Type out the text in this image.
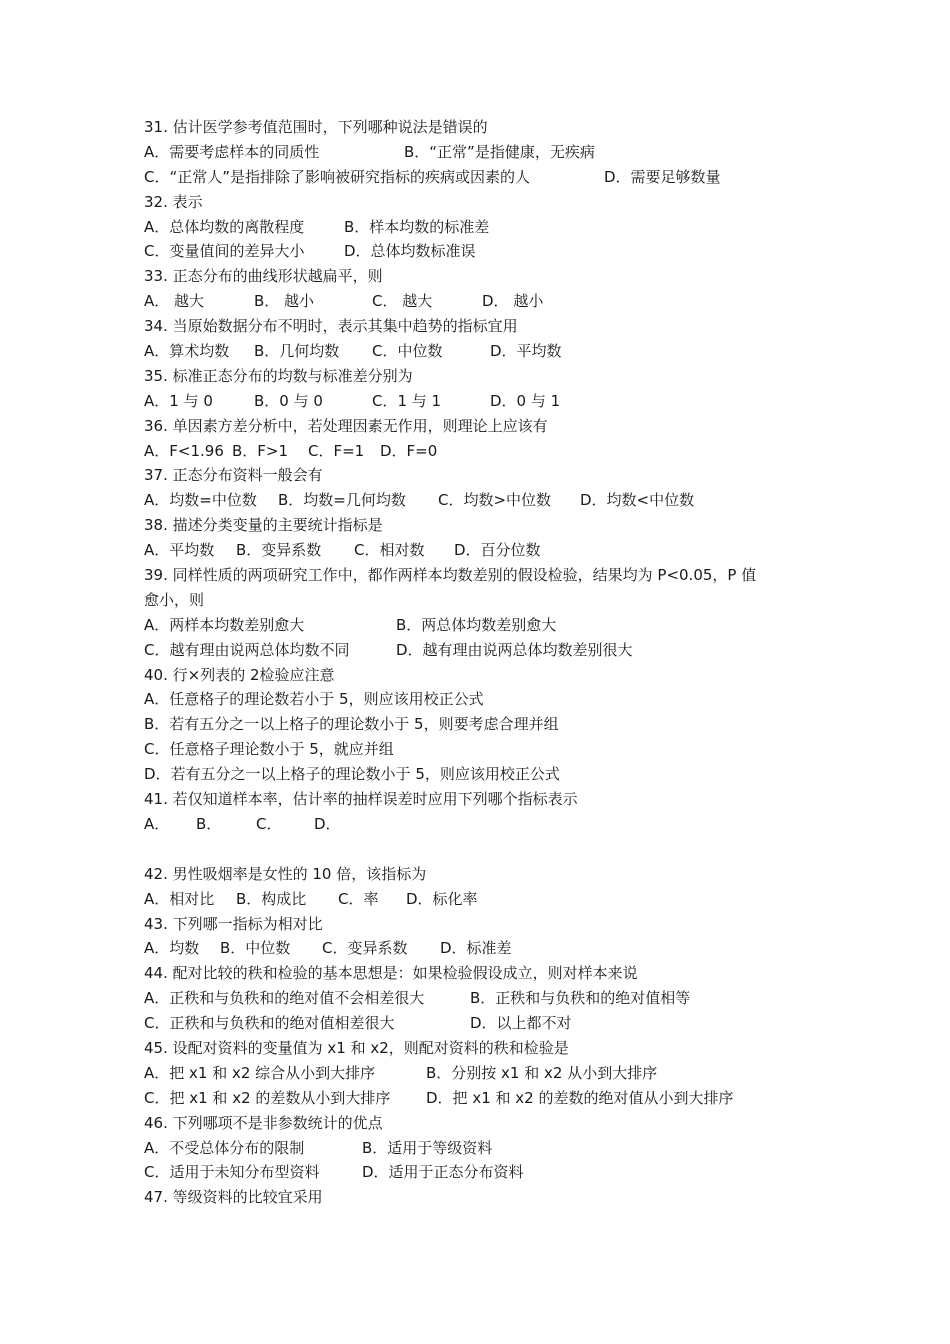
31. 估计医学参考值范围时，下列哪种说法是错误的
A．需要考虑样本的同质性	B．“正常”是指健康，无疾病
C．“正常人”是指排除了影响被研究指标的疾病或因素的人	D．需要足够数量
32. 表示
A．总体均数的离散程度	B．样本均数的标准差
C．变量值间的差异大小	D．总体均数标准误
33. 正态分布的曲线形状越扁平，则
A． 越大	B． 越小	C． 越大	D． 越小
34. 当原始数据分布不明时，表示其集中趋势的指标宜用
A．算术均数 B．几何均数 C．中位数	D．平均数
35. 标准正态分布的均数与标准差分别为
A．1 与 0	B．0 与 0	C．1 与 1	D．0 与 1
36. 单因素方差分析中，若处理因素无作用，则理论上应该有
A．F<1.96 B．F>1 C．F=1 D．F=0
37. 正态分布资料一般会有
A．均数=中位数 B．均数=几何均数 C．均数>中位数 D．均数<中位数
38. 描述分类变量的主要统计指标是
A．平均数 B．变异系数 C．相对数 D．百分位数
39. 同样性质的两项研究工作中，都作两样本均数差别的假设检验，结果均为 P<0.05，P 值
愈小，则
A．两样本均数差别愈大	B．两总体均数差别愈大
C．越有理由说两总体均数不同	D．越有理由说两总体均数差别很大
40. 行×列表的 2检验应注意
A．任意格子的理论数若小于 5，则应该用校正公式
B．若有五分之一以上格子的理论数小于 5，则要考虑合理并组
C．任意格子理论数小于 5，就应并组
D．若有五分之一以上格子的理论数小于 5，则应该用校正公式
41. 若仅知道样本率，估计率的抽样误差时应用下列哪个指标表示
A． B． C． D．
42. 男性吸烟率是女性的 10 倍，该指标为
A．相对比 B．构成比 C．率 D．标化率
43. 下列哪一指标为相对比
A．均数 B．中位数 C．变异系数 D．标准差
44. 配对比较的秩和检验的基本思想是：如果检验假设成立，则对样本来说
A．正秩和与负秩和的绝对值不会相差很大	B．正秩和与负秩和的绝对值相等
C．正秩和与负秩和的绝对值相差很大	D．以上都不对
45. 设配对资料的变量值为 x1 和 x2，则配对资料的秩和检验是
A．把 x1 和 x2 综合从小到大排序	B．分别按 x1 和 x2 从小到大排序
C．把 x1 和 x2 的差数从小到大排序 D．把 x1 和 x2 的差数的绝对值从小到大排序
46. 下列哪项不是非参数统计的优点
A．不受总体分布的限制	B．适用于等级资料
C．适用于未知分布型资料	D．适用于正态分布资料
47. 等级资料的比较宜采用
